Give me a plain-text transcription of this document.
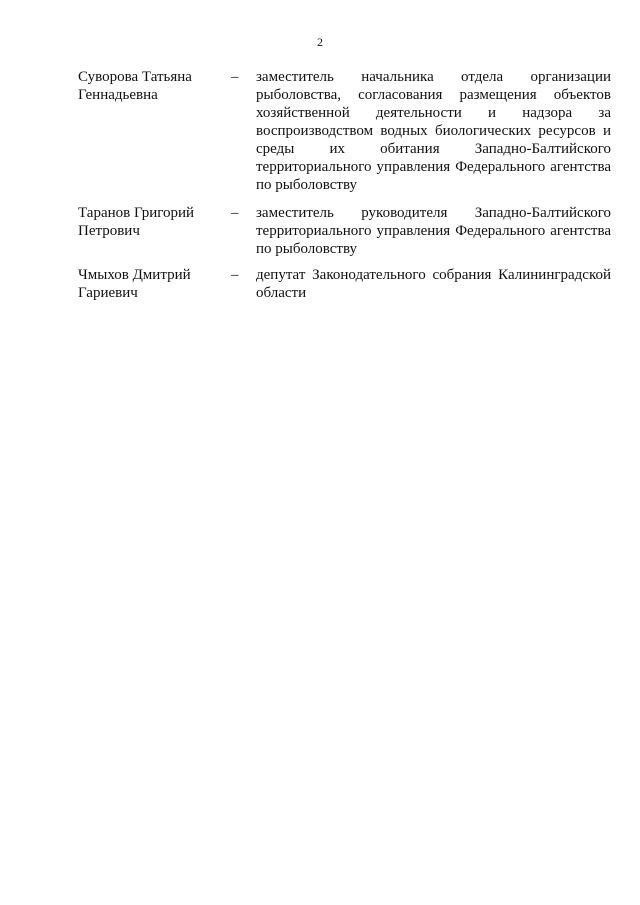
2
Суворова Татьяна
Геннадьевна
–	заместитель начальника отдела организации
рыболовства, согласования размещения объектов
хозяйственной деятельности и надзора за
воспроизводством водных биологических ресурсов и
среды их обитания Западно-Балтийского
территориального управления Федерального агентства
по рыболовству
Таранов Григорий
Петрович
–	заместитель руководителя Западно-Балтийского
территориального управления Федерального агентства
по рыболовству
Чмыхов Дмитрий
Гариевич
–	депутат Законодательного собрания Калининградской
области
